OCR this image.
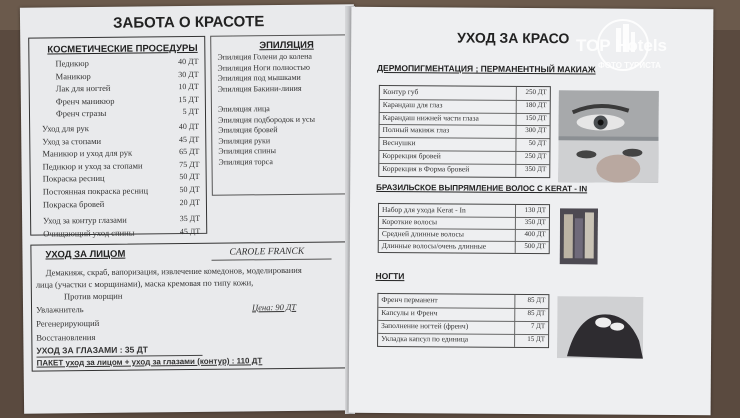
ЗАБОТА О КРАСОТЕ
КОСМЕТИЧЕСКИЕ ПРОСЕДУРЫ
Педикюр	40 ДТ
Маникюр	30 ДТ
Лак для ногтей	10 ДТ
Френч маникюр	15 ДТ
Френч стразы	5 ДТ
Уход для рук	40 ДТ
Уход за стопами	45 ДТ
Маникюр и уход для рук	65 ДТ
Педикюр и уход за стопами	75 ДТ
Покраска ресниц	50 ДТ
Постоянная покраска ресниц	50 ДТ
Покраска бровей	20 ДТ
Уход за контур глазами	35 ДТ
Очищающий уход спины	45 ДТ
ЭПИЛЯЦИЯ
Эпиляция Голени до колена
Эпиляция Ноги полностью
Эпиляция под мышками
Эпиляция Бакини-линия
Эпиляция лица
Эпиляция подбородок и усы
Эпиляция бровей
Эпиляция руки
Эпиляция спины
Эпиляция торса
УХОД ЗА ЛИЦОМ	CAROLE FRANCK
Демакияж, скраб, вапоризация, извлечение комедонов, моделирования
лица (участки с морщинами), маска кремовая по типу кожи,
Против морщин
Увлажнитель	Цена: 90 ДТ
Регенерирующий
Восстановления
УХОД ЗА ГЛАЗАМИ : 35 ДТ
ПАКЕТ уход за лицом + уход за глазами (контур) : 110 ДТ
УХОД ЗА КРАСО
ДЕРМОПИГМЕНТАЦИЯ ; ПЕРМАНЕНТНЫЙ МАКИАЖ
Контур губ	250 ДТ
Карандаш для глаз	180 ДТ
Карандаш нижней части глаза	150 ДТ
Полный макияж глаз	300 ДТ
Веснушки	50 ДТ
Коррекция бровей	250 ДТ
Коррекция в Форма бровей	350 ДТ
БРАЗИЛЬСКОЕ ВЫПРЯМЛЕНИЕ ВОЛОС С KERAT - IN
Набор для ухода Kerat - In	130 ДТ
Короткие волосы	350 ДТ
Средней длинные волосы	400 ДТ
Длинные волосы/очень длинные	500 ДТ
НОГТИ
Френч перманент	85 ДТ
Капсулы и Френч	85 ДТ
Заполнение ногтей (френч)	7 ДТ
Укладка капсул по единица	15 ДТ
TOP Hotels
ФОТО ТУРИСТА
